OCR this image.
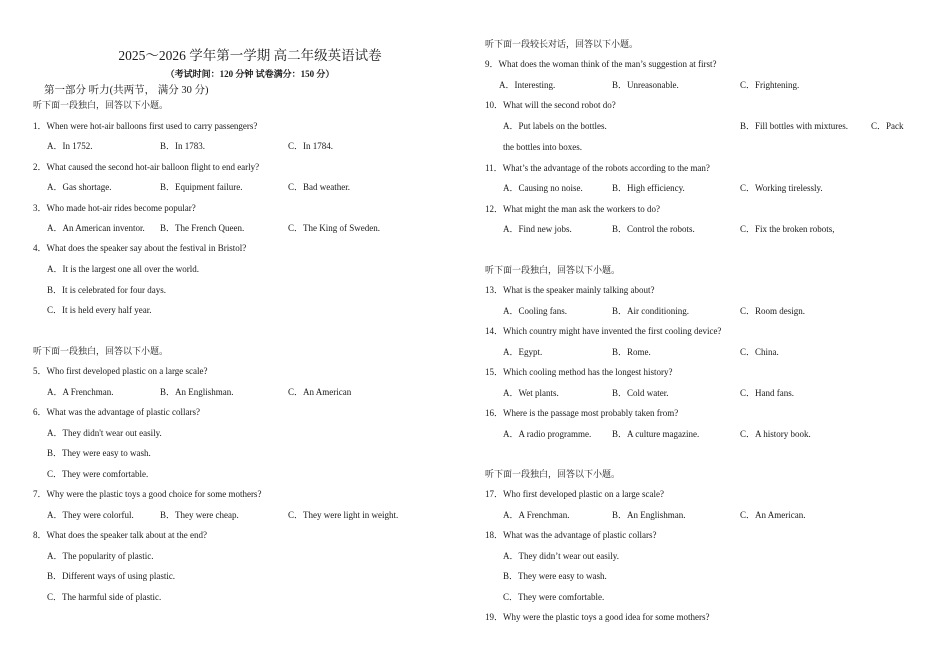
2025～2026 学年第一学期 高二年级英语试卷
（考试时间：120 分钟 试卷满分：150 分）
第一部分 听力(共两节， 满分 30 分)
听下面一段独白，回答以下小题。
1．When were hot-air balloons first used to carry passengers?
A．In 1752.	B．In 1783.	C．In 1784.
2．What caused the second hot-air balloon flight to end early?
A．Gas shortage.	B．Equipment failure.	C．Bad weather.
3．Who made hot-air rides become popular?
A．An American inventor. B．The French Queen.	C．The King of Sweden.
4．What does the speaker say about the festival in Bristol?
A．It is the largest one all over the world.
B．It is celebrated for four days.
C．It is held every half year.
听下面一段独白，回答以下小题。
5．Who first developed plastic on a large scale?
A．A Frenchman.	B．An Englishman.	C．An American
6．What was the advantage of plastic collars?
A．They didn't wear out easily.
B．They were easy to wash.
C．They were comfortable.
7．Why were the plastic toys a good choice for some mothers?
A．They were colorful.	B．They were cheap.	C．They were light in weight.
8．What does the speaker talk about at the end?
A．The popularity of plastic.
B．Different ways of using plastic.
C．The harmful side of plastic.
听下面一段较长对话，回答以下小题。
9．What does the woman think of the man’s suggestion at first?
A．Interesting.	B．Unreasonable.	C．Frightening.
10．What will the second robot do?
A．Put labels on the bottles.	B．Fill bottles with mixtures.	C．Pack
the bottles into boxes.
11．What’s the advantage of the robots according to the man?
A．Causing no noise.	B．High efficiency.	C．Working tirelessly.
12．What might the man ask the workers to do?
A．Find new jobs.	B．Control the robots.	C．Fix the broken robots,
听下面一段独白，回答以下小题。
13．What is the speaker mainly talking about?
A．Cooling fans.	B．Air conditioning.	C．Room design.
14．Which country might have invented the first cooling device?
A．Egypt.	B．Rome.	C．China.
15．Which cooling method has the longest history?
A．Wet plants.	B．Cold water.	C．Hand fans.
16．Where is the passage most probably taken from?
A．A radio programme. B．A culture magazine.	C．A history book.
听下面一段独白，回答以下小题。
17．Who first developed plastic on a large scale?
A．A Frenchman.	B．An Englishman.	C．An American.
18．What was the advantage of plastic collars?
A．They didn’t wear out easily.
B．They were easy to wash.
C．They were comfortable.
19．Why were the plastic toys a good idea for some mothers?
